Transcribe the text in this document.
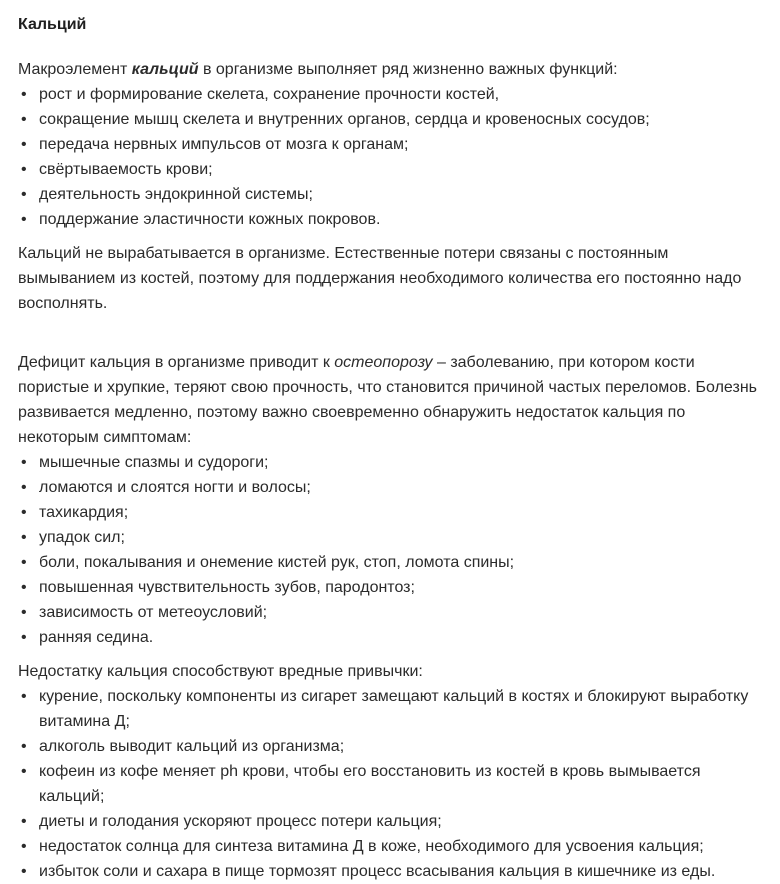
Кальций

Макроэлемент кальций в организме выполняет ряд жизненно важных функций:

• рост и формирование скелета, сохранение прочности костей,
• сокращение мышц скелета и внутренних органов, сердца и кровеносных сосудов;
• передача нервных импульсов от мозга к органам;
• свёртываемость крови;
• деятельность эндокринной системы;
• поддержание эластичности кожных покровов.

Кальций не вырабатывается в организме. Естественные потери связаны с постоянным вымыванием из костей, поэтому для поддержания необходимого количества его постоянно надо восполнять.

Дефицит кальция в организме приводит к остеопорозу – заболеванию, при котором кости пористые и хрупкие, теряют свою прочность, что становится причиной частых переломов. Болезнь развивается медленно, поэтому важно своевременно обнаружить недостаток кальция по некоторым симптомам:

• мышечные спазмы и судороги;
• ломаются и слоятся ногти и волосы;
• тахикардия;
• упадок сил;
• боли, покалывания и онемение кистей рук, стоп, ломота спины;
• повышенная чувствительность зубов, пародонтоз;
• зависимость от метеоусловий;
• ранняя седина.

Недостатку кальция способствуют вредные привычки:

• курение, поскольку компоненты из сигарет замещают кальций в костях и блокируют выработку витамина Д;
• алкоголь выводит кальций из организма;
• кофеин из кофе меняет ph крови, чтобы его восстановить из костей в кровь вымывается кальций;
• диеты и голодания ускоряют процесс потери кальция;
• недостаток солнца для синтеза витамина Д в коже, необходимого для усвоения кальция;
• избыток соли и сахара в пище тормозят процесс всасывания кальция в кишечнике из еды.
